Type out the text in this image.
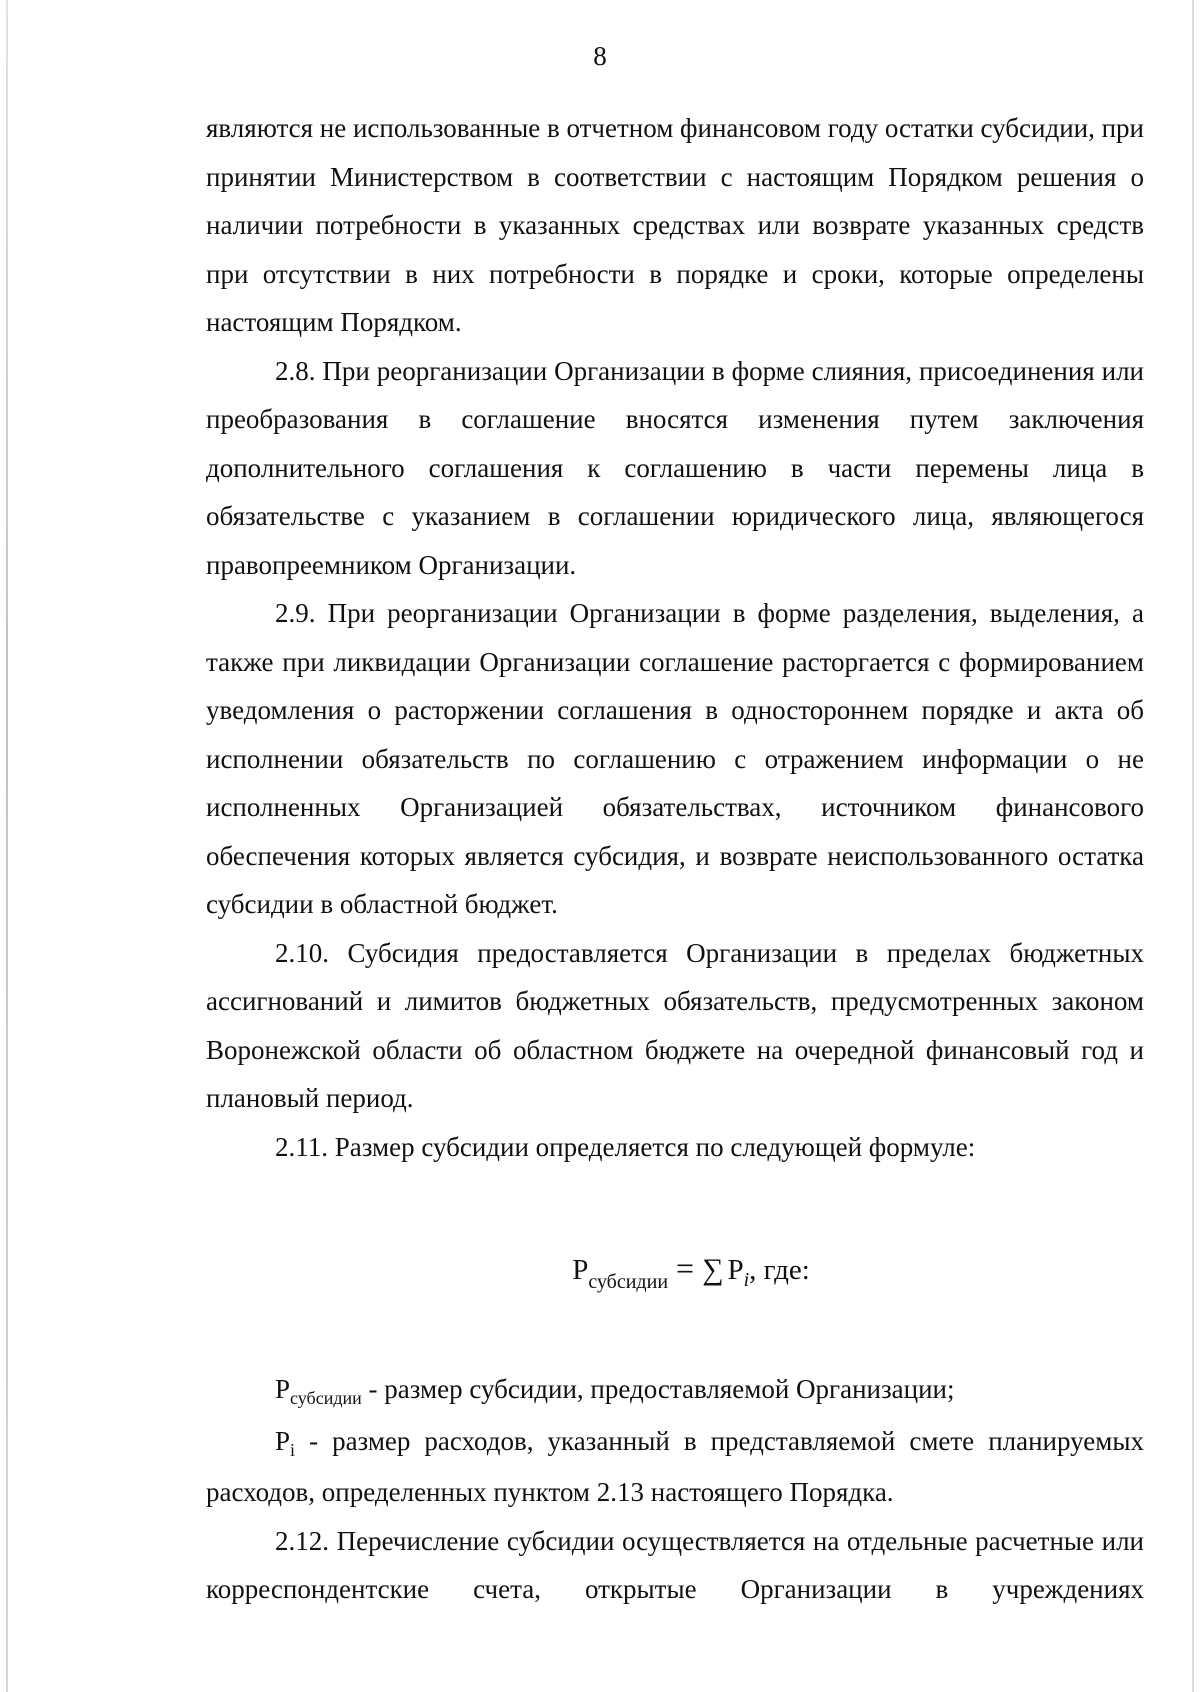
8

являются не использованные в отчетном финансовом году остатки субсидии, при принятии Министерством в соответствии с настоящим Порядком решения о наличии потребности в указанных средствах или возврате указанных средств при отсутствии в них потребности в порядке и сроки, которые определены настоящим Порядком.

2.8. При реорганизации Организации в форме слияния, присоединения или преобразования в соглашение вносятся изменения путем заключения дополнительного соглашения к соглашению в части перемены лица в обязательстве с указанием в соглашении юридического лица, являющегося правопреемником Организации.

2.9. При реорганизации Организации в форме разделения, выделения, а также при ликвидации Организации соглашение расторгается с формированием уведомления о расторжении соглашения в одностороннем порядке и акта об исполнении обязательств по соглашению с отражением информации о не исполненных Организацией обязательствах, источником финансового обеспечения которых является субсидия, и возврате неиспользованного остатка субсидии в областной бюджет.

2.10. Субсидия предоставляется Организации в пределах бюджетных ассигнований и лимитов бюджетных обязательств, предусмотренных законом Воронежской области об областном бюджете на очередной финансовый год и плановый период.

2.11. Размер субсидии определяется по следующей формуле:

$P_{субсидии}$ = ∑ $P_i$, где:

$P_{субсидии}$ - размер субсидии, предоставляемой Организации;

$P_i$ - размер расходов, указанный в представляемой смете планируемых расходов, определенных пунктом 2.13 настоящего Порядка.

2.12. Перечисление субсидии осуществляется на отдельные расчетные или корреспондентские счета, открытые Организации в учреждениях
